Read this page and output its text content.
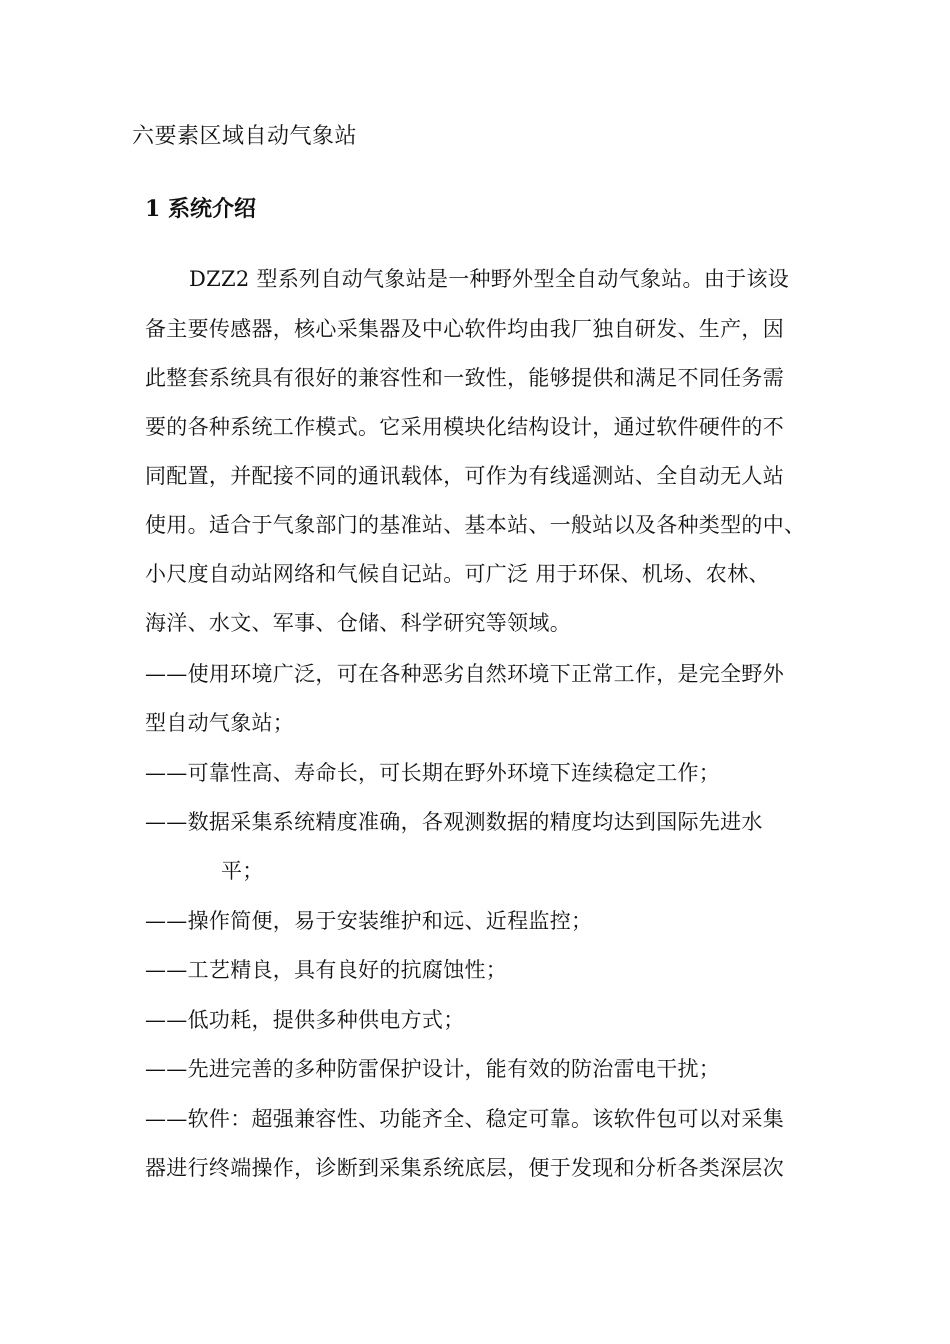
六要素区域自动气象站
1 系统介绍
DZZ2 型系列自动气象站是一种野外型全自动气象站。由于该设
备主要传感器，核心采集器及中心软件均由我厂独自研发、生产，因
此整套系统具有很好的兼容性和一致性，能够提供和满足不同任务需
要的各种系统工作模式。它采用模块化结构设计，通过软件硬件的不
同配置，并配接不同的通讯载体，可作为有线遥测站、全自动无人站
使用。适合于气象部门的基准站、基本站、一般站以及各种类型的中、
小尺度自动站网络和气候自记站。可广泛 用于环保、机场、农林、
海洋、水文、军事、仓储、科学研究等领域。
——使用环境广泛，可在各种恶劣自然环境下正常工作，是完全野外
型自动气象站；
——可靠性高、寿命长，可长期在野外环境下连续稳定工作；
——数据采集系统精度准确，各观测数据的精度均达到国际先进水
平；
——操作简便，易于安装维护和远、近程监控；
——工艺精良，具有良好的抗腐蚀性；
——低功耗，提供多种供电方式；
——先进完善的多种防雷保护设计，能有效的防治雷电干扰；
——软件：超强兼容性、功能齐全、稳定可靠。该软件包可以对采集
器进行终端操作，诊断到采集系统底层，便于发现和分析各类深层次
